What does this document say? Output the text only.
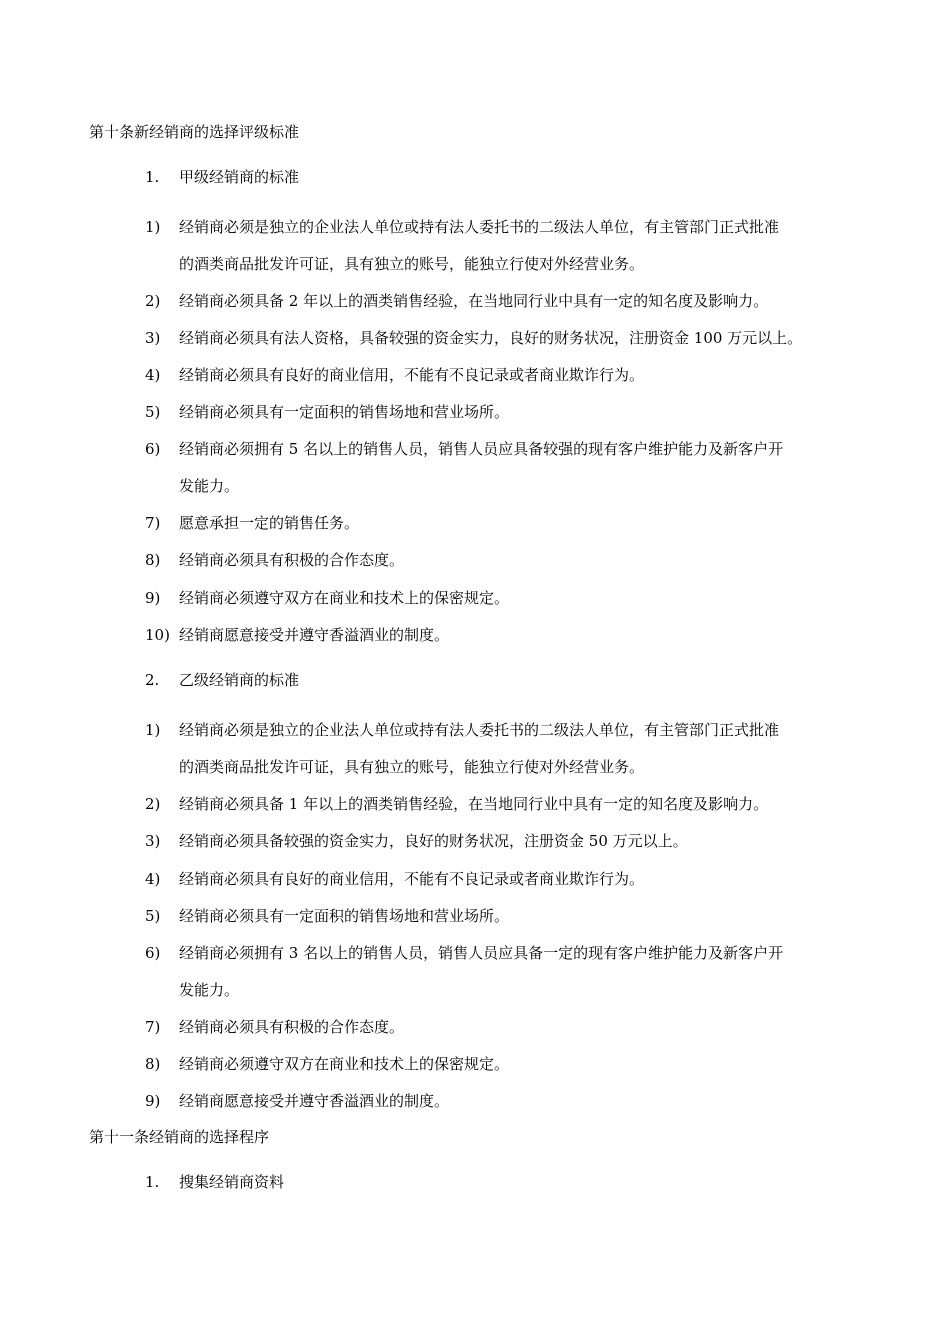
第十条新经销商的选择评级标准
1. 甲级经销商的标准
1) 经销商必须是独立的企业法人单位或持有法人委托书的二级法人单位，有主管部门正式批准
的酒类商品批发许可证，具有独立的账号，能独立行使对外经营业务。
2) 经销商必须具备 2 年以上的酒类销售经验，在当地同行业中具有一定的知名度及影响力。
3) 经销商必须具有法人资格，具备较强的资金实力，良好的财务状况，注册资金 100 万元以上。
4) 经销商必须具有良好的商业信用，不能有不良记录或者商业欺诈行为。
5) 经销商必须具有一定面积的销售场地和营业场所。
6) 经销商必须拥有 5 名以上的销售人员，销售人员应具备较强的现有客户维护能力及新客户开
发能力。
7) 愿意承担一定的销售任务。
8) 经销商必须具有积极的合作态度。
9) 经销商必须遵守双方在商业和技术上的保密规定。
10) 经销商愿意接受并遵守香溢酒业的制度。
2. 乙级经销商的标准
1) 经销商必须是独立的企业法人单位或持有法人委托书的二级法人单位，有主管部门正式批准
的酒类商品批发许可证，具有独立的账号，能独立行使对外经营业务。
2) 经销商必须具备 1 年以上的酒类销售经验，在当地同行业中具有一定的知名度及影响力。
3) 经销商必须具备较强的资金实力，良好的财务状况，注册资金 50 万元以上。
4) 经销商必须具有良好的商业信用，不能有不良记录或者商业欺诈行为。
5) 经销商必须具有一定面积的销售场地和营业场所。
6) 经销商必须拥有 3 名以上的销售人员，销售人员应具备一定的现有客户维护能力及新客户开
发能力。
7) 经销商必须具有积极的合作态度。
8) 经销商必须遵守双方在商业和技术上的保密规定。
9) 经销商愿意接受并遵守香溢酒业的制度。
第十一条经销商的选择程序
1. 搜集经销商资料
